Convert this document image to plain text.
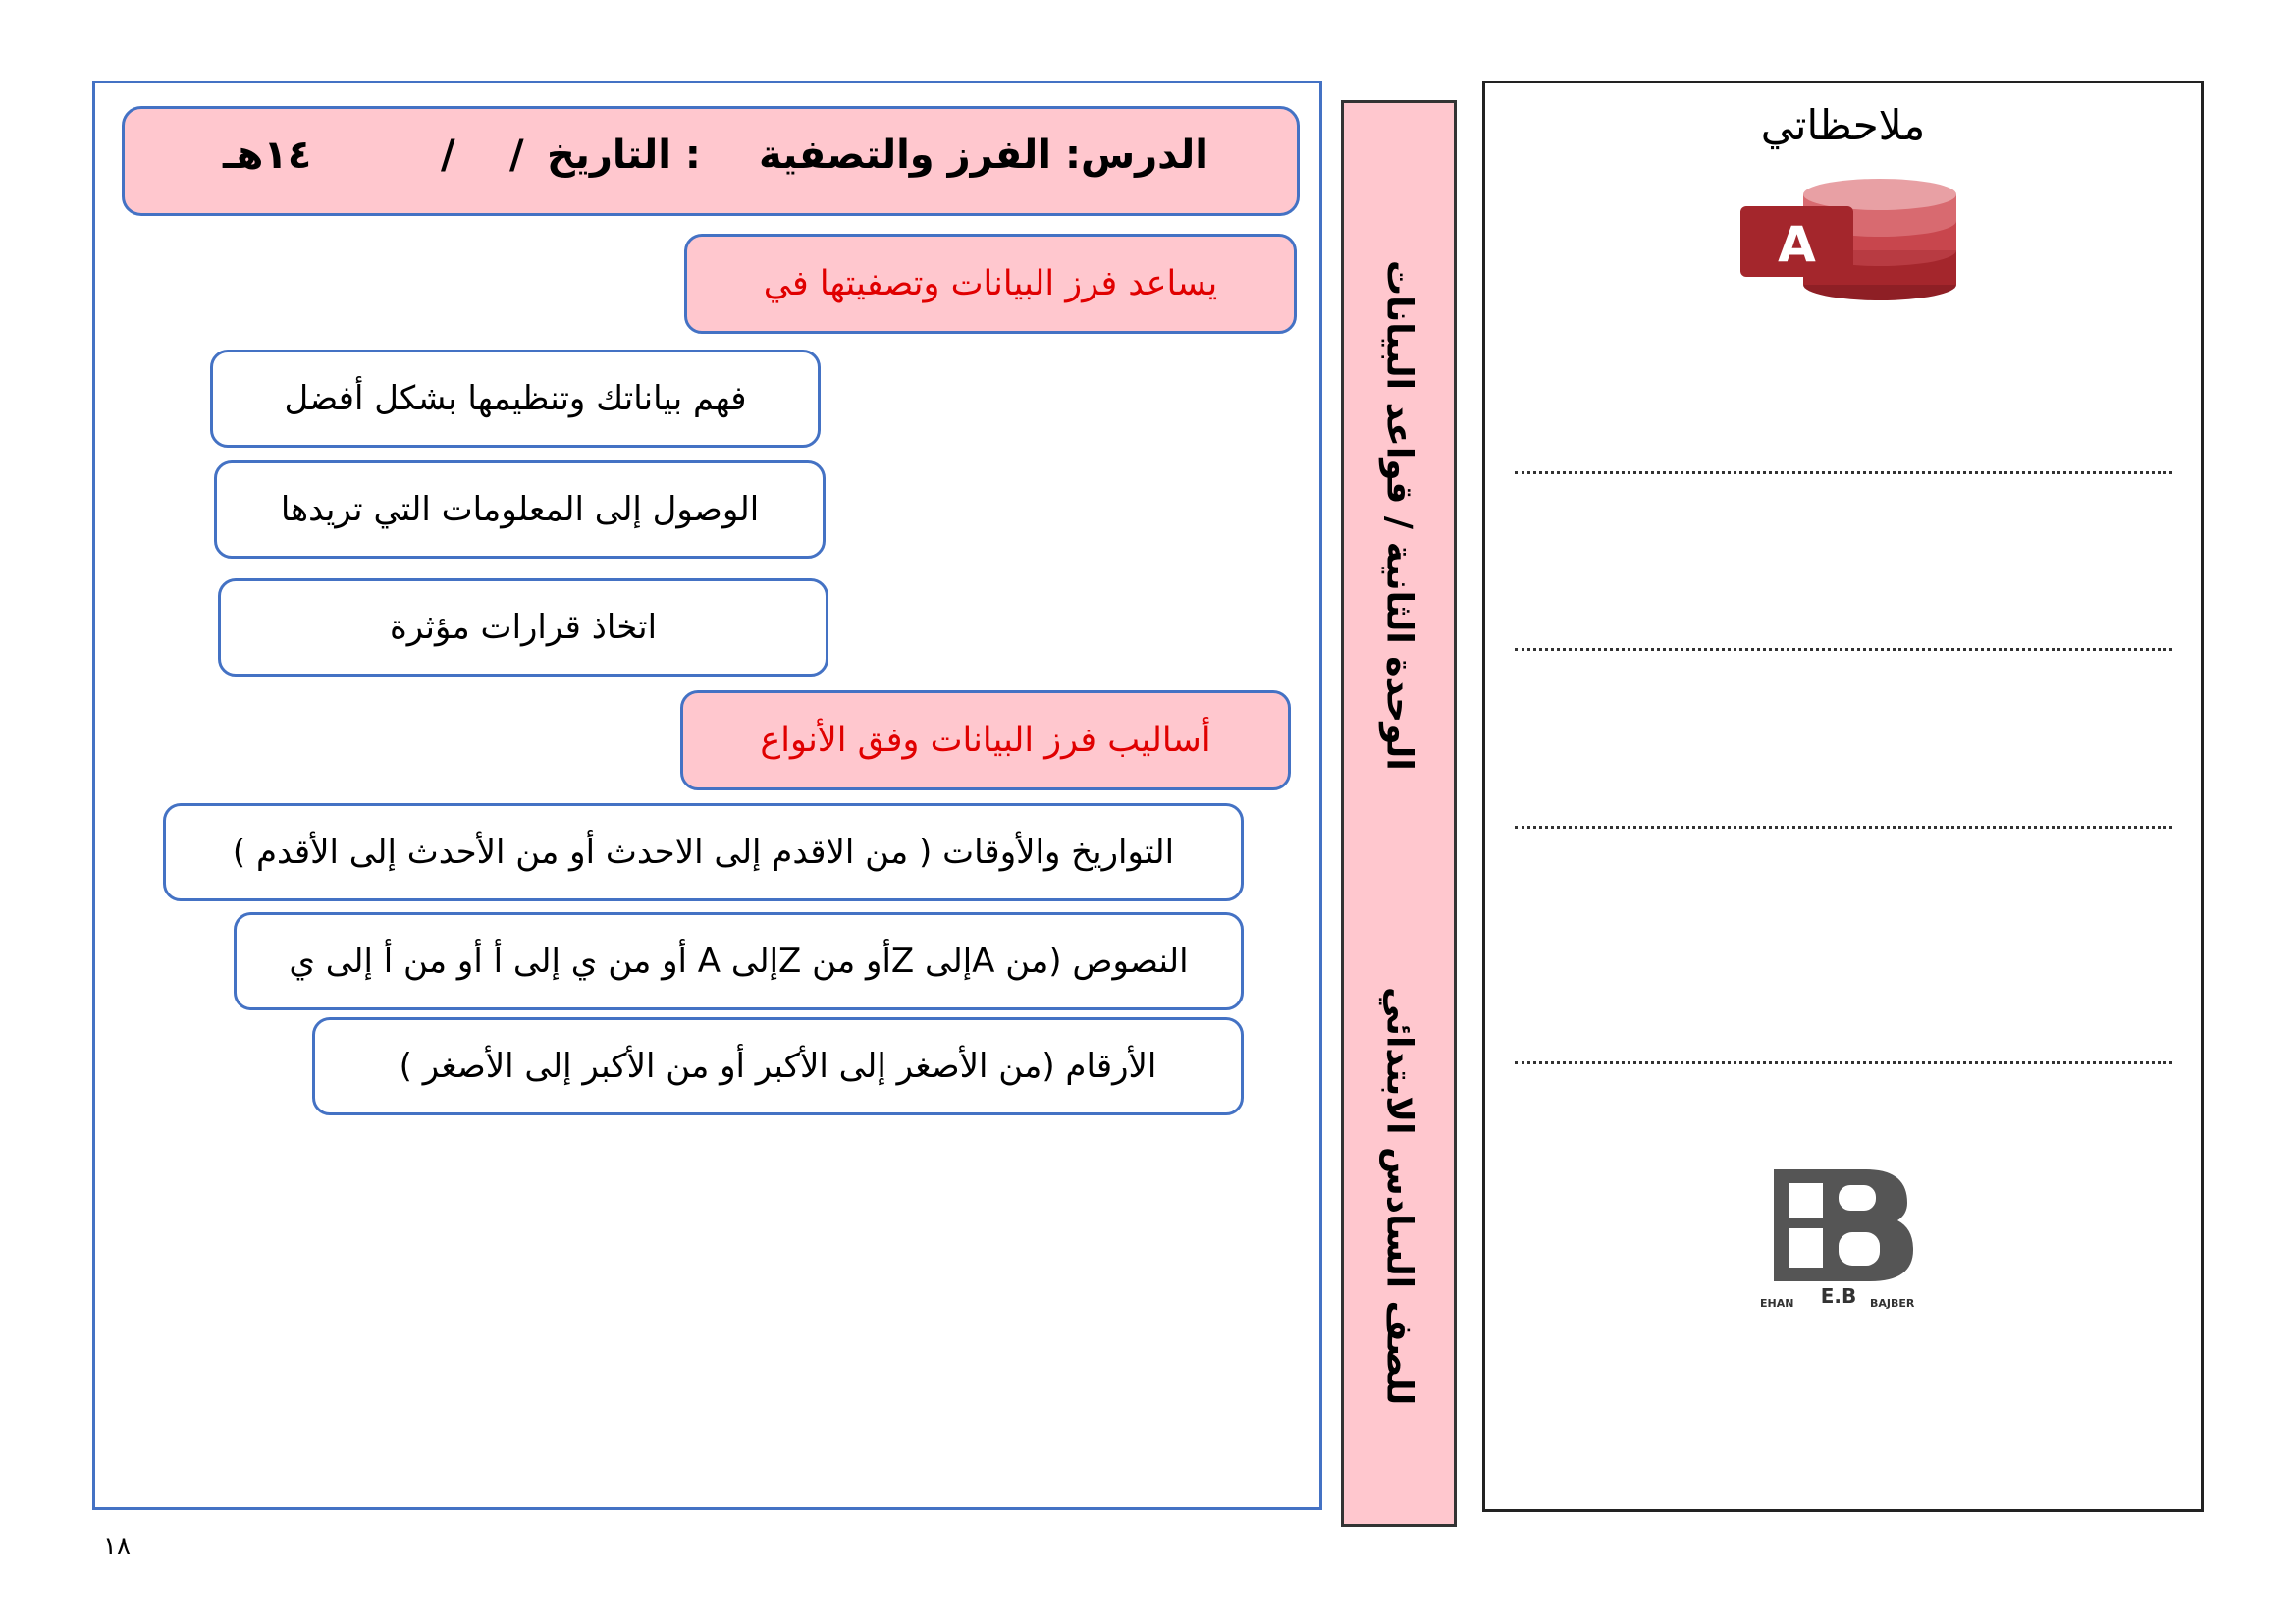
الدرس: الفرز والتصفية
التاريخ :
/
/
١٤هـ
يساعد فرز البيانات وتصفيتها في
فهم بياناتك وتنظيمها بشكل أفضل
الوصول إلى المعلومات التي تريدها
اتخاذ قرارات مؤثرة
أساليب فرز البيانات وفق الأنواع
التواريخ والأوقات ( من الاقدم إلى الاحدث أو من الأحدث إلى الأقدم )
النصوص (من Aإلى Zأو من Zإلى A أو من ي إلى أ أو من أ إلى ي
الأرقام (من الأصغر إلى الأكبر أو من الأكبر إلى الأصغر )
الوحدة الثانية / قواعد البيانات
للصف السادس الابتدائي
ملاحظاتي
A
E.B
EHAN	BAJBER
١٨
